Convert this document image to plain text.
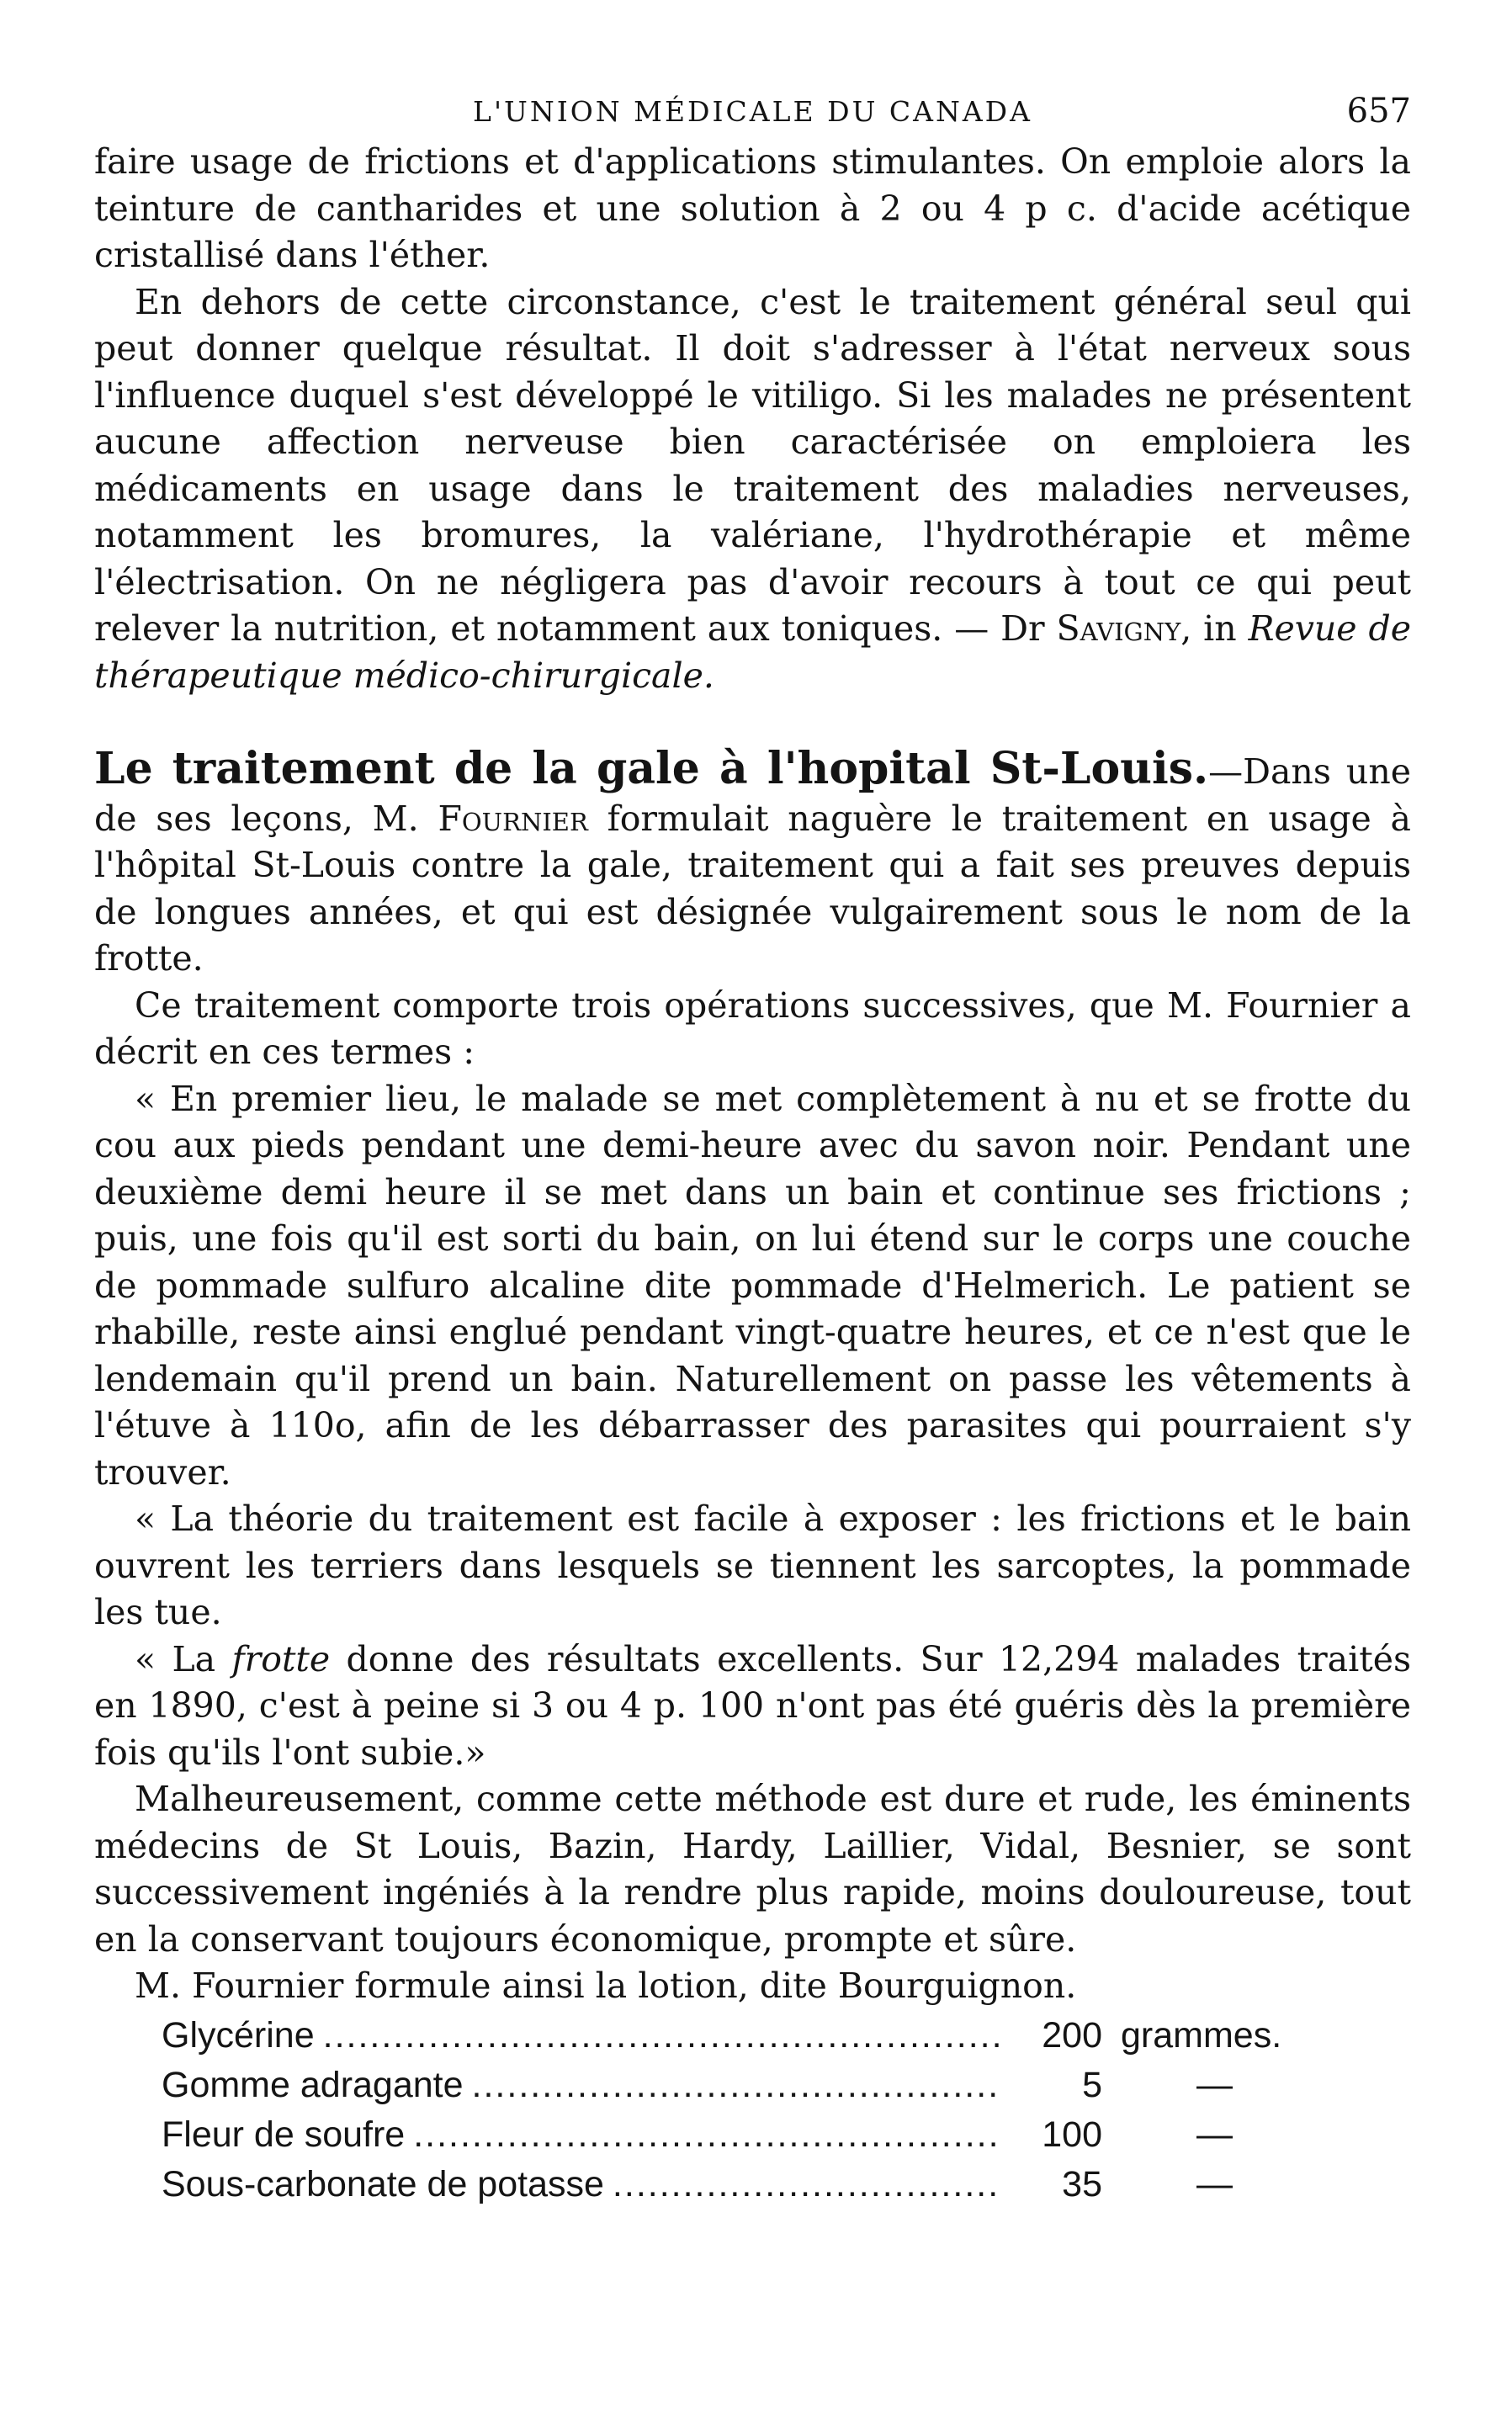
L'UNION MÉDICALE DU CANADA	657

faire usage de frictions et d'applications stimulantes. On emploie alors la teinture de cantharides et une solution à 2 ou 4 p c. d'acide acétique cristallisé dans l'éther.

En dehors de cette circonstance, c'est le traitement général seul qui peut donner quelque résultat. Il doit s'adresser à l'état nerveux sous l'influence duquel s'est développé le vitiligo. Si les malades ne présentent aucune affection nerveuse bien caractérisée on emploiera les médicaments en usage dans le traitement des maladies nerveuses, notamment les bromures, la valériane, l'hydrothérapie et même l'électrisation. On ne négligera pas d'avoir recours à tout ce qui peut relever la nutrition, et notamment aux toniques. — Dr Savigny, in Revue de thérapeutique médico-chirurgicale.

Le traitement de la gale à l'hopital St-Louis.—Dans une de ses leçons, M. Fournier formulait naguère le traitement en usage à l'hôpital St-Louis contre la gale, traitement qui a fait ses preuves depuis de longues années, et qui est désignée vulgairement sous le nom de la frotte.

Ce traitement comporte trois opérations successives, que M. Fournier a décrit en ces termes :

« En premier lieu, le malade se met complètement à nu et se frotte du cou aux pieds pendant une demi-heure avec du savon noir. Pendant une deuxième demi heure il se met dans un bain et continue ses frictions ; puis, une fois qu'il est sorti du bain, on lui étend sur le corps une couche de pommade sulfuro alcaline dite pommade d'Helmerich. Le patient se rhabille, reste ainsi englué pendant vingt-quatre heures, et ce n'est que le lendemain qu'il prend un bain. Naturellement on passe les vêtements à l'étuve à 110o, afin de les débarrasser des parasites qui pourraient s'y trouver.

« La théorie du traitement est facile à exposer : les frictions et le bain ouvrent les terriers dans lesquels se tiennent les sarcoptes, la pommade les tue.

« La frotte donne des résultats excellents. Sur 12,294 malades traités en 1890, c'est à peine si 3 ou 4 p. 100 n'ont pas été guéris dès la première fois qu'ils l'ont subie.»

Malheureusement, comme cette méthode est dure et rude, les éminents médecins de St Louis, Bazin, Hardy, Laillier, Vidal, Besnier, se sont successivement ingéniés à la rendre plus rapide, moins douloureuse, tout en la conservant toujours économique, prompte et sûre.

M. Fournier formule ainsi la lotion, dite Bourguignon.

Glycérine .....	200 grammes.
Gomme adragante .....	5	—
Fleur de soufre .....	100	—
Sous-carbonate de potasse .....	35	—
